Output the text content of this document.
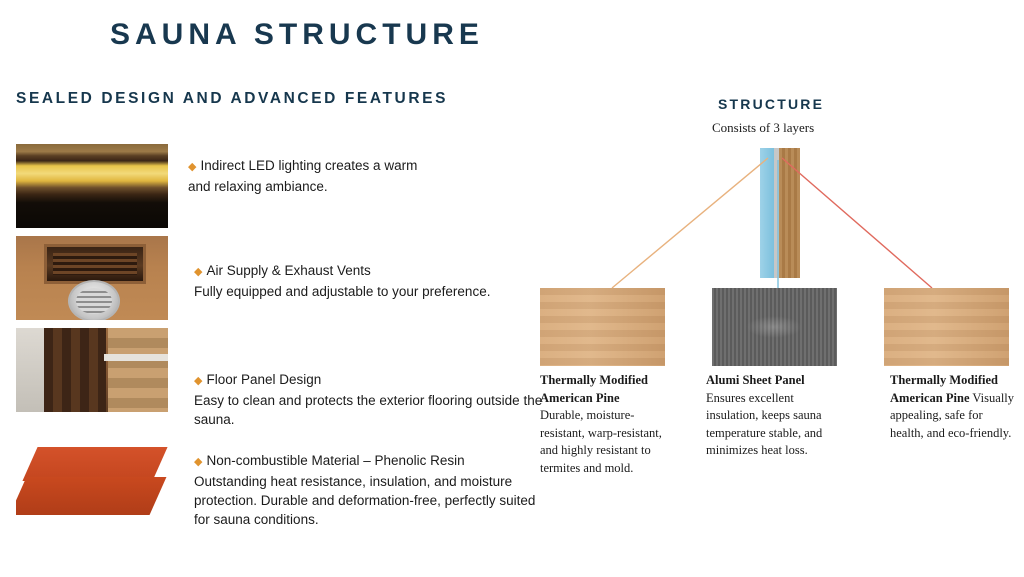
SAUNA STRUCTURE
SEALED DESIGN AND ADVANCED FEATURES
◆ Indirect LED lighting creates a warm
and relaxing ambiance.
◆ Air Supply & Exhaust Vents
Fully equipped and adjustable to your preference.
◆ Floor Panel Design
Easy to clean and protects the exterior flooring outside the sauna.
◆ Non-combustible Material – Phenolic Resin
Outstanding heat resistance, insulation, and moisture protection. Durable and deformation-free, perfectly suited for sauna conditions.
STRUCTURE
Consists of 3 layers
Thermally Modified American Pine Durable, moisture-resistant, warp-resistant, and highly resistant to termites and mold.
Alumi Sheet Panel Ensures excellent insulation, keeps sauna temperature stable, and minimizes heat loss.
Thermally Modified American Pine Visually appealing, safe for health, and eco-friendly.
